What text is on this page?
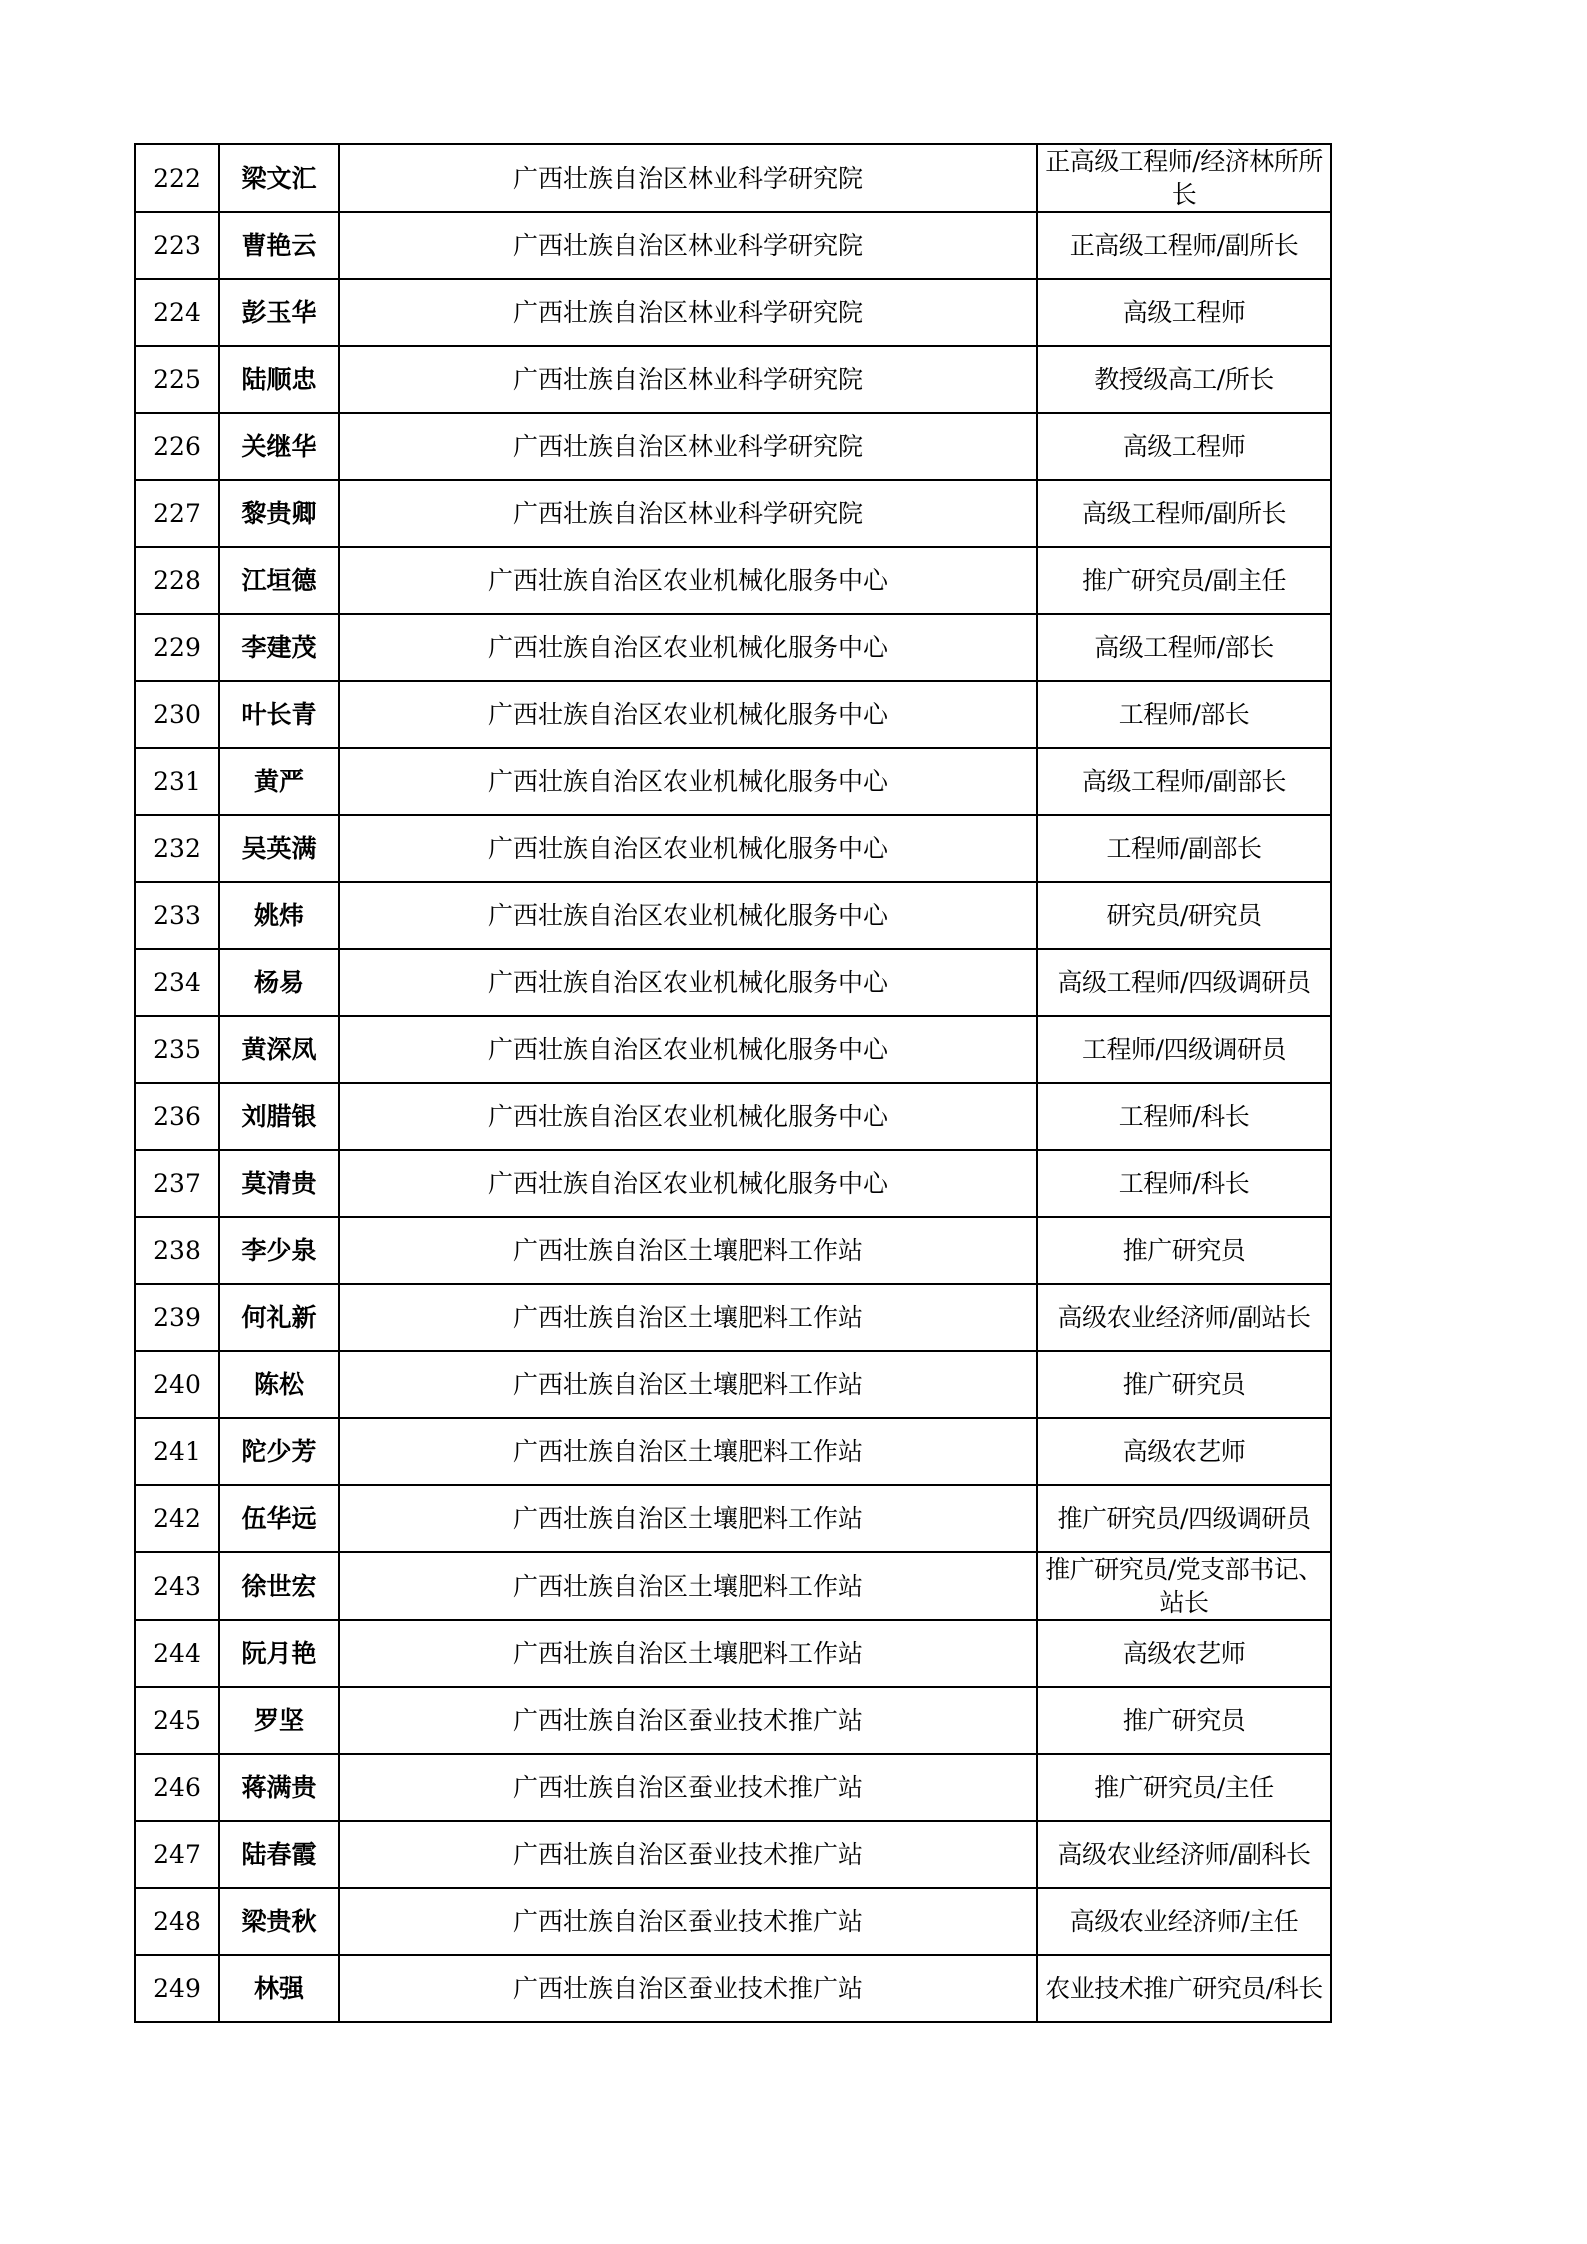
222	梁文汇	广西壮族自治区林业科学研究院	正高级工程师/经济林所所长
223	曹艳云	广西壮族自治区林业科学研究院	正高级工程师/副所长
224	彭玉华	广西壮族自治区林业科学研究院	高级工程师
225	陆顺忠	广西壮族自治区林业科学研究院	教授级高工/所长
226	关继华	广西壮族自治区林业科学研究院	高级工程师
227	黎贵卿	广西壮族自治区林业科学研究院	高级工程师/副所长
228	江垣德	广西壮族自治区农业机械化服务中心	推广研究员/副主任
229	李建茂	广西壮族自治区农业机械化服务中心	高级工程师/部长
230	叶长青	广西壮族自治区农业机械化服务中心	工程师/部长
231	黄严	广西壮族自治区农业机械化服务中心	高级工程师/副部长
232	吴英满	广西壮族自治区农业机械化服务中心	工程师/副部长
233	姚炜	广西壮族自治区农业机械化服务中心	研究员/研究员
234	杨易	广西壮族自治区农业机械化服务中心	高级工程师/四级调研员
235	黄深凤	广西壮族自治区农业机械化服务中心	工程师/四级调研员
236	刘腊银	广西壮族自治区农业机械化服务中心	工程师/科长
237	莫清贵	广西壮族自治区农业机械化服务中心	工程师/科长
238	李少泉	广西壮族自治区土壤肥料工作站	推广研究员
239	何礼新	广西壮族自治区土壤肥料工作站	高级农业经济师/副站长
240	陈松	广西壮族自治区土壤肥料工作站	推广研究员
241	陀少芳	广西壮族自治区土壤肥料工作站	高级农艺师
242	伍华远	广西壮族自治区土壤肥料工作站	推广研究员/四级调研员
243	徐世宏	广西壮族自治区土壤肥料工作站	推广研究员/党支部书记、站长
244	阮月艳	广西壮族自治区土壤肥料工作站	高级农艺师
245	罗坚	广西壮族自治区蚕业技术推广站	推广研究员
246	蒋满贵	广西壮族自治区蚕业技术推广站	推广研究员/主任
247	陆春霞	广西壮族自治区蚕业技术推广站	高级农业经济师/副科长
248	梁贵秋	广西壮族自治区蚕业技术推广站	高级农业经济师/主任
249	林强	广西壮族自治区蚕业技术推广站	农业技术推广研究员/科长
